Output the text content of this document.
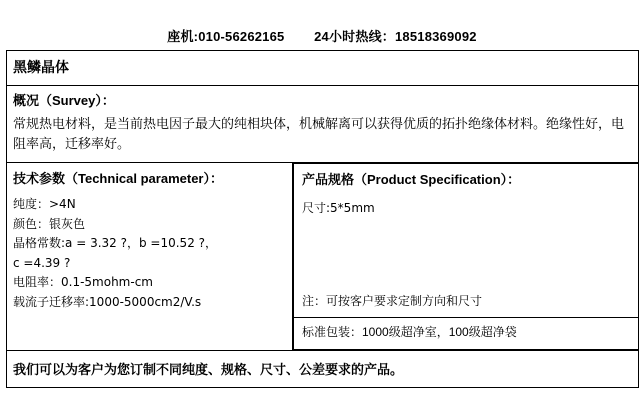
座机:010-56262165 24小时热线：18518369092
黑鳞晶体

概况（Survey）：
常规热电材料，是当前热电因子最大的纯相块体，机械解离可以获得优质的拓扑绝缘体材料。绝缘性好，电阻率高，迁移率好。

技术参数（Technical parameter）：
纯度：>4N
颜色：银灰色
晶格常数:a = 3.32 ?，b =10.52 ?，
c =4.39 ?
电阻率：0.1-5mohm-cm
载流子迁移率:1000-5000cm2/V.s

产品规格（Product Specification）：
尺寸:5*5mm
注：可按客户要求定制方向和尺寸

标准包装：1000级超净室，100级超净袋

我们可以为客户为您订制不同纯度、规格、尺寸、公差要求的产品。
